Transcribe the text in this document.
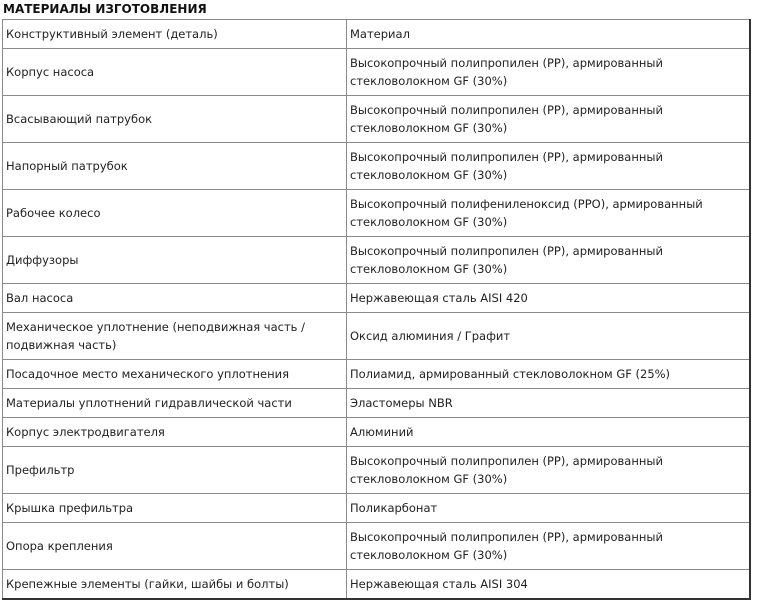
МАТЕРИАЛЫ ИЗГОТОВЛЕНИЯ
Конструктивный элемент (деталь)	Материал
Корпус насоса	Высокопрочный полипропилен (PP), армированный стекловолокном GF (30%)
Всасывающий патрубок	Высокопрочный полипропилен (PP), армированный стекловолокном GF (30%)
Напорный патрубок	Высокопрочный полипропилен (PP), армированный стекловолокном GF (30%)
Рабочее колесо	Высокопрочный полифениленоксид (PPO), армированный стекловолокном GF (30%)
Диффузоры	Высокопрочный полипропилен (PP), армированный стекловолокном GF (30%)
Вал насоса	Нержавеющая сталь AISI 420
Механическое уплотнение (неподвижная часть / подвижная часть)	Оксид алюминия / Графит
Посадочное место механического уплотнения	Полиамид, армированный стекловолокном GF (25%)
Материалы уплотнений гидравлической части	Эластомеры NBR
Корпус электродвигателя	Алюминий
Префильтр	Высокопрочный полипропилен (PP), армированный стекловолокном GF (30%)
Крышка префильтра	Поликарбонат
Опора крепления	Высокопрочный полипропилен (PP), армированный стекловолокном GF (30%)
Крепежные элементы (гайки, шайбы и болты)	Нержавеющая сталь AISI 304
